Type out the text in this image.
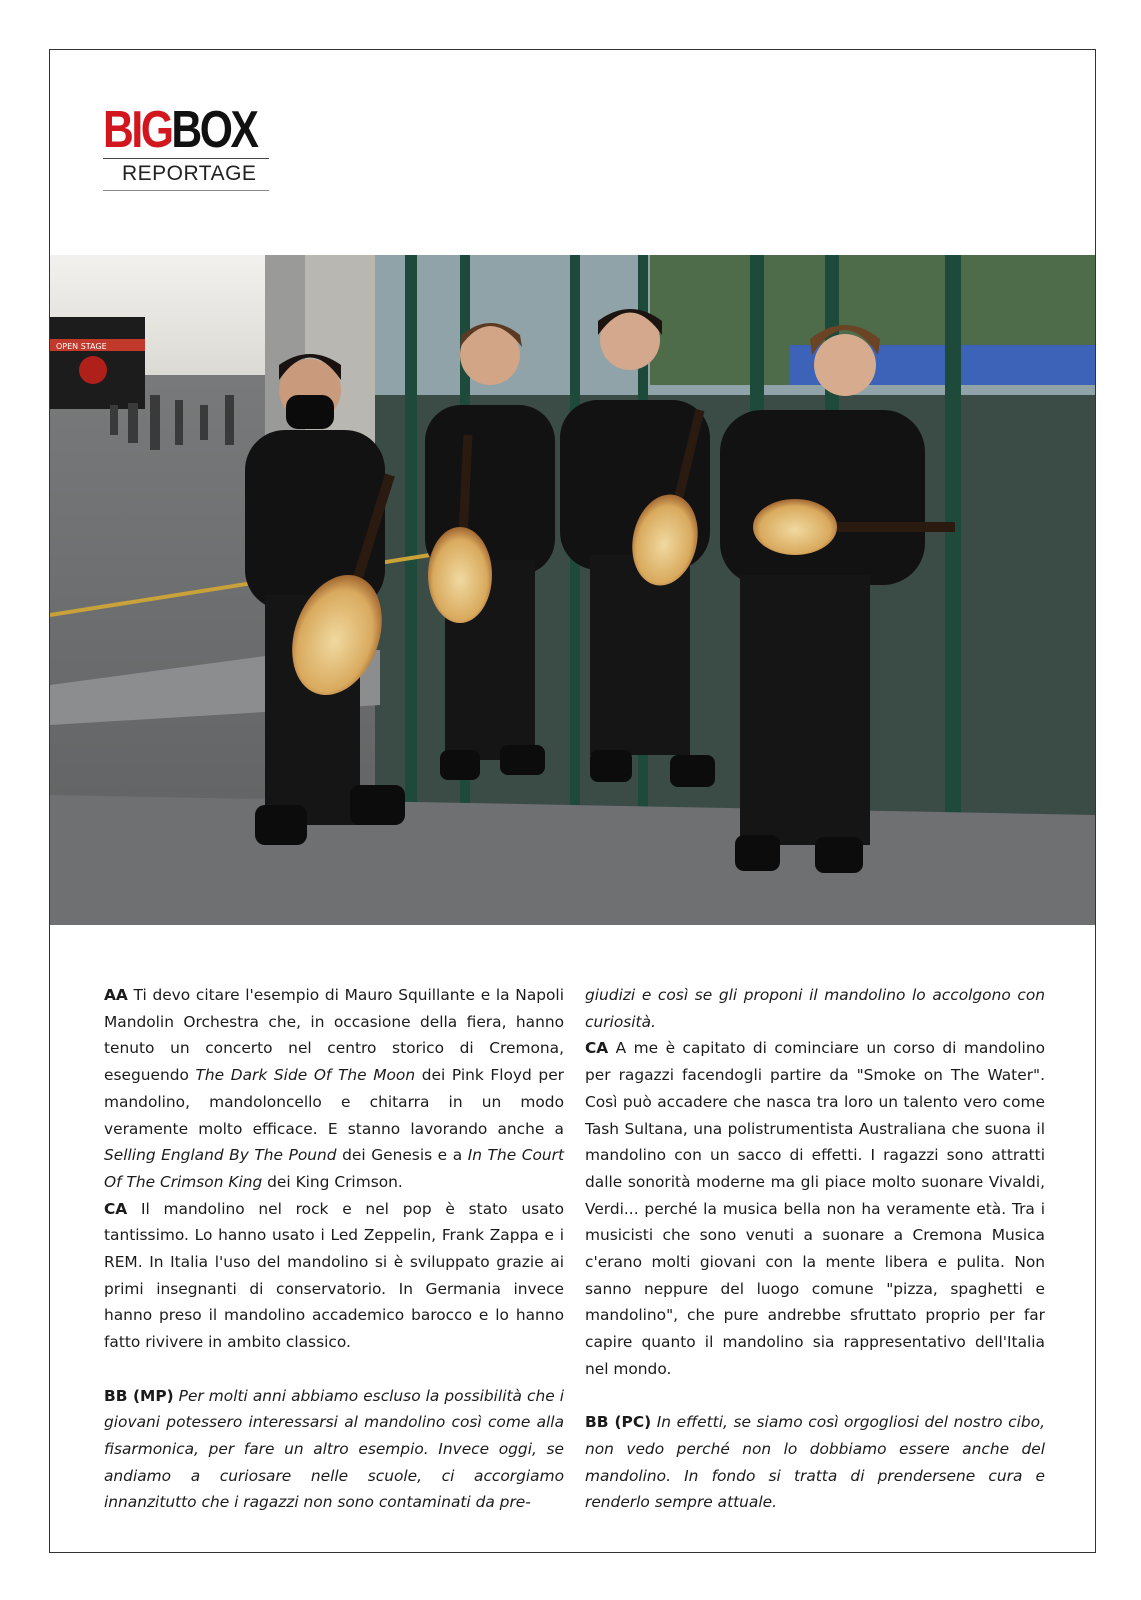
BIGBOX
REPORTAGE
OPEN STAGE

AA Ti devo citare l'esempio di Mauro Squillante e la Napoli Mandolin Orchestra che, in occasione della fiera, hanno tenuto un concerto nel centro storico di Cremona, eseguendo The Dark Side Of The Moon dei Pink Floyd per mandolino, mandoloncello e chitarra in un modo veramente molto efficace. E stanno lavorando anche a Selling England By The Pound dei Genesis e a In The Court Of The Crimson King dei King Crimson.

CA Il mandolino nel rock e nel pop è stato usato tantissimo. Lo hanno usato i Led Zeppelin, Frank Zappa e i REM. In Italia l'uso del mandolino si è sviluppato grazie ai primi insegnanti di conservatorio. In Germania invece hanno preso il mandolino accademico barocco e lo hanno fatto rivivere in ambito classico.

BB (MP) Per molti anni abbiamo escluso la possibilità che i giovani potessero interessarsi al mandolino così come alla fisarmonica, per fare un altro esempio. Invece oggi, se andiamo a curiosare nelle scuole, ci accorgiamo innanzitutto che i ragazzi non sono contaminati da pre-

giudizi e così se gli proponi il mandolino lo accolgono con curiosità.

CA A me è capitato di cominciare un corso di mandolino per ragazzi facendogli partire da "Smoke on The Water". Così può accadere che nasca tra loro un talento vero come Tash Sultana, una polistrumentista Australiana che suona il mandolino con un sacco di effetti. I ragazzi sono attratti dalle sonorità moderne ma gli piace molto suonare Vivaldi, Verdi... perché la musica bella non ha veramente età. Tra i musicisti che sono venuti a suonare a Cremona Musica c'erano molti giovani con la mente libera e pulita. Non sanno neppure del luogo comune "pizza, spaghetti e mandolino", che pure andrebbe sfruttato proprio per far capire quanto il mandolino sia rappresentativo dell'Italia nel mondo.

BB (PC) In effetti, se siamo così orgogliosi del nostro cibo, non vedo perché non lo dobbiamo essere anche del mandolino. In fondo si tratta di prendersene cura e renderlo sempre attuale.
